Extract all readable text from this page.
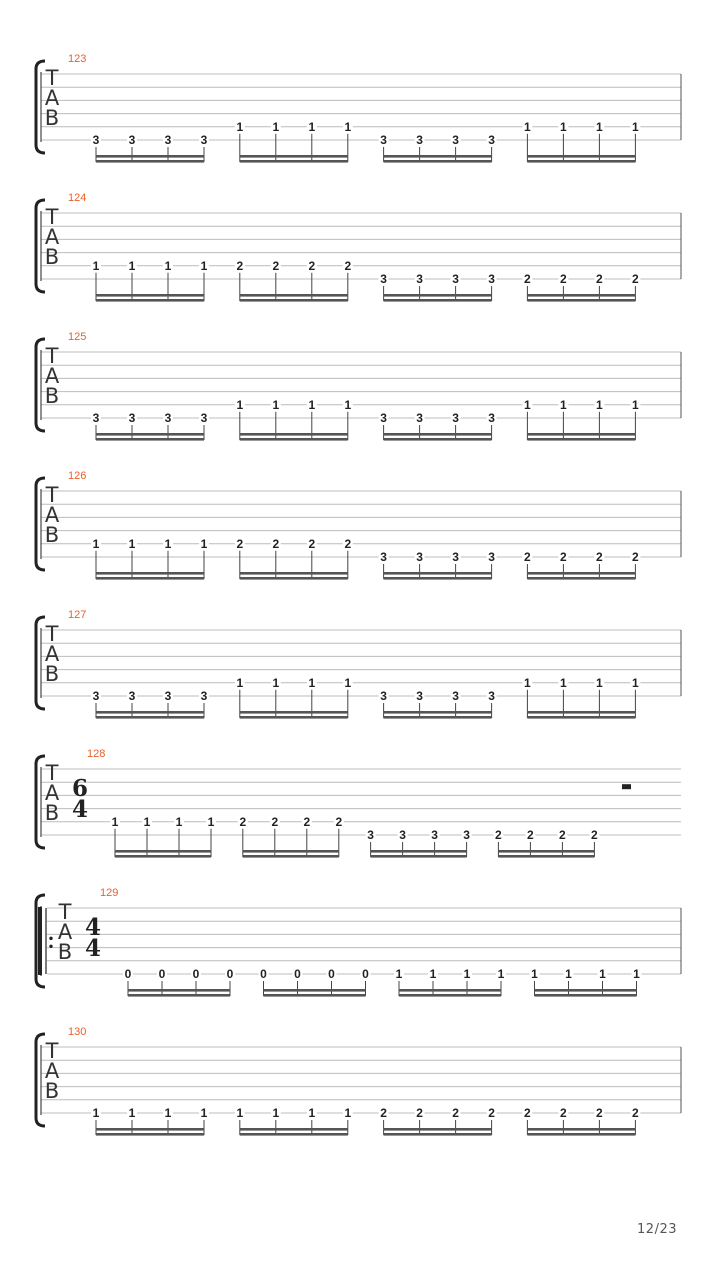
T
A
B
123
3 3 3 3
1 1 1 1
3 3 3 3
1 1 1 1
T
A
B
124
1 1 1 1 2 2 2 2
3 3 3 3 2 2 2 2
T
A
B
125
3 3 3 3
1 1 1 1
3 3 3 3
1 1 1 1
T
A
B
126
1 1 1 1 2 2 2 2
3 3 3 3 2 2 2 2
T
A
B
127
3 3 3 3
1 1 1 1
3 3 3 3
1 1 1 1
T
A
B
128
6
4 1 1 1 1 2 2 2 2
3 3 3 3 2 2 2 2
T
A
B
129
4
4
0 0 0 0 0 0 0 0 1 1 1 1 1 1 1 1
T
A
B
130
1 1 1 1 1 1 1 1 2 2 2 2 2 2 2 2
12/23
